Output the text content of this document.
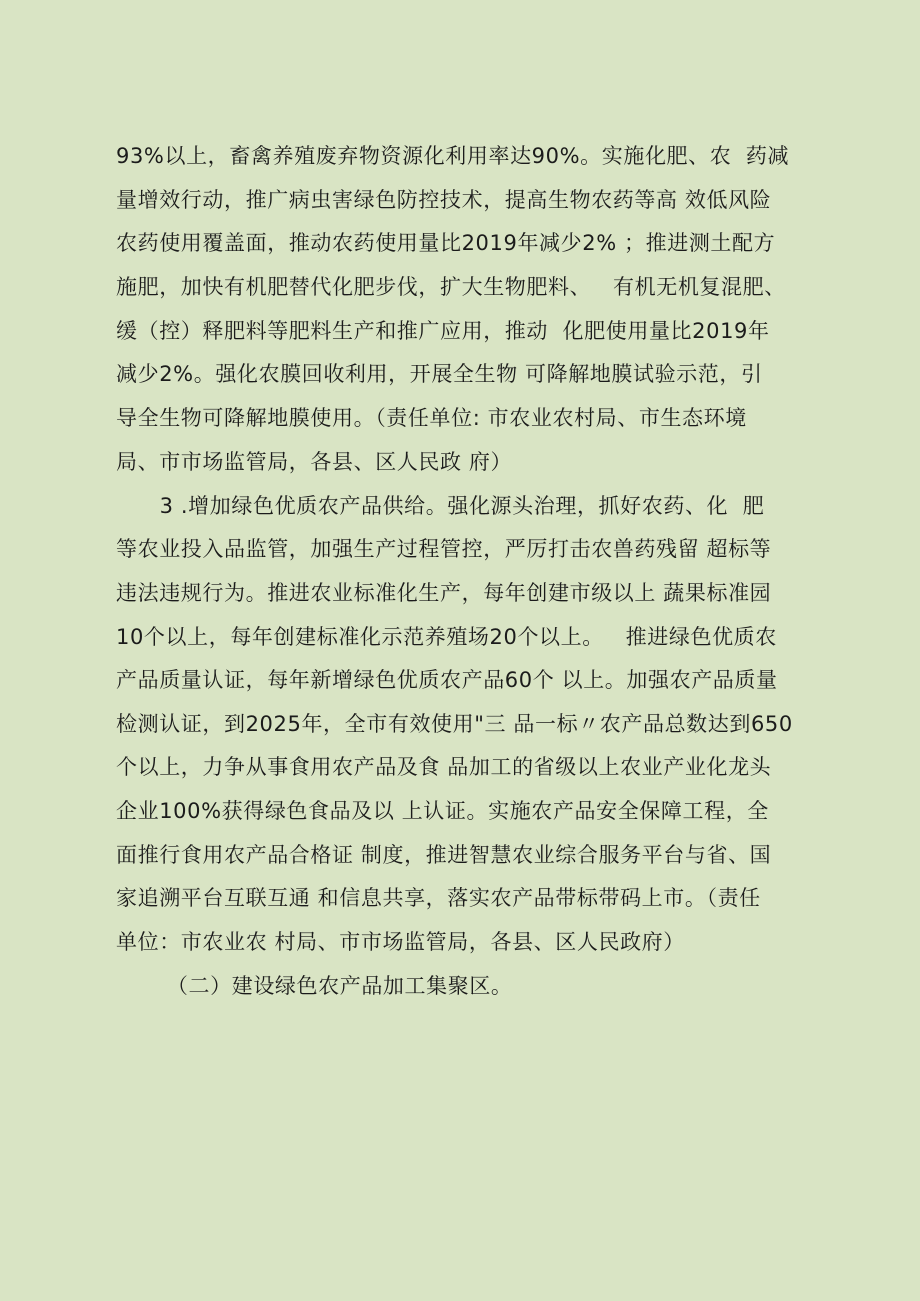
93%以上，畜禽养殖废弃物资源化利用率达90%。实施化肥、农  药减
量增效行动，推广病虫害绿色防控技术，提高生物农药等高 效低风险
农药使用覆盖面，推动农药使用量比2019年减少2% ；推进测土配方
施肥，加快有机肥替代化肥步伐，扩大生物肥料、   有机无机复混肥、
缓（控）释肥料等肥料生产和推广应用，推动  化肥使用量比2019年
减少2%。强化农膜回收利用，开展全生物 可降解地膜试验示范，引
导全生物可降解地膜使用。（责任单位: 市农业农村局、市生态环境
局、市市场监管局，各县、区人民政 府）
3 .增加绿色优质农产品供给。强化源头治理，抓好农药、化  肥
等农业投入品监管，加强生产过程管控，严厉打击农兽药残留 超标等
违法违规行为。推进农业标准化生产，每年创建市级以上 蔬果标准园
10个以上，每年创建标准化示范养殖场20个以上。   推进绿色优质农
产品质量认证，每年新增绿色优质农产品60个 以上。加强农产品质量
检测认证，到2025年，全市有效使用"三 品一标〃农产品总数达到650
个以上，力争从事食用农产品及食 品加工的省级以上农业产业化龙头
企业100%获得绿色食品及以 上认证。实施农产品安全保障工程，全
面推行食用农产品合格证 制度，推进智慧农业综合服务平台与省、国
家追溯平台互联互通 和信息共享，落实农产品带标带码上市。（责任
单位：市农业农 村局、市市场监管局，各县、区人民政府）
（二）建设绿色农产品加工集聚区。
